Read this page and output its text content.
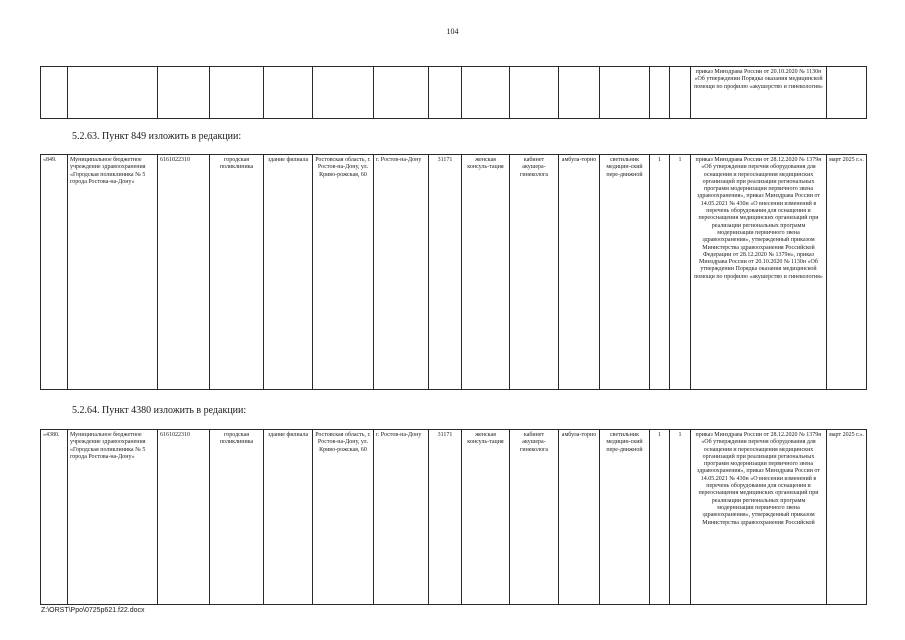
104
														приказ Минздрава России от 20.10.2020 № 1130н «Об утверждении Порядка оказания медицинской помощи по профилю «акушерство и гинекология»	
5.2.63. Пункт 849 изложить в редакции:
«849.	Муниципальное бюджетное учреждение здравоохранения «Городская поликлиника № 5 города Ростова-на-Дону»	6161022310	городская поликлиника	здание филиала	Ростовская область, г. Ростов-на-Дону, ул. Криво-рожская, 60	г. Ростов-на-Дону	31171	женская консуль-тация	кабинет акушера-гинеколога	амбула-торно	светильник медицин-ский пере-движной	1	1	приказ Минздрава России от 28.12.2020 № 1379н «Об утверждении перечня оборудования для оснащения и переоснащения медицинских организаций при реализации региональных программ модернизации первичного звена здравоохранения», приказ Минздрава России от 14.05.2021 № 430н «О внесении изменений в перечень оборудования для оснащения и переоснащения медицинских организаций при реализации региональных программ модернизации первичного звена здравоохранения», утвержденный приказом Министерства здравоохранения Российской Федерации от 28.12.2020 № 1379н», приказ Минздрава России от 20.10.2020 № 1130н «Об утверждении Порядка оказания медицинской помощи по профилю «акушерство и гинекология»	март 2025 г.».
5.2.64. Пункт 4380 изложить в редакции:
«4380.	Муниципальное бюджетное учреждение здравоохранения «Городская поликлиника № 5 города Ростова-на-Дону»	6161022310	городская поликлиника	здание филиала	Ростовская область, г. Ростов-на-Дону, ул. Криво-рожская, 60	г. Ростов-на-Дону	31171	женская консуль-тация	кабинет акушера-гинеколога	амбула-торно	светильник медицин-ский пере-движной	1	1	приказ Минздрава России от 28.12.2020 № 1379н «Об утверждении перечня оборудования для оснащения и переоснащения медицинских организаций при реализации региональных программ модернизации первичного звена здравоохранения», приказ Минздрава России от 14.05.2021 № 430н «О внесении изменений в перечень оборудования для оснащения и переоснащения медицинских организаций при реализации региональных программ модернизации первичного звена здравоохранения», утвержденный приказом Министерства здравоохранения Российской	март 2025 г.».
Z:\ORST\Ppo\0725p621.f22.docx
